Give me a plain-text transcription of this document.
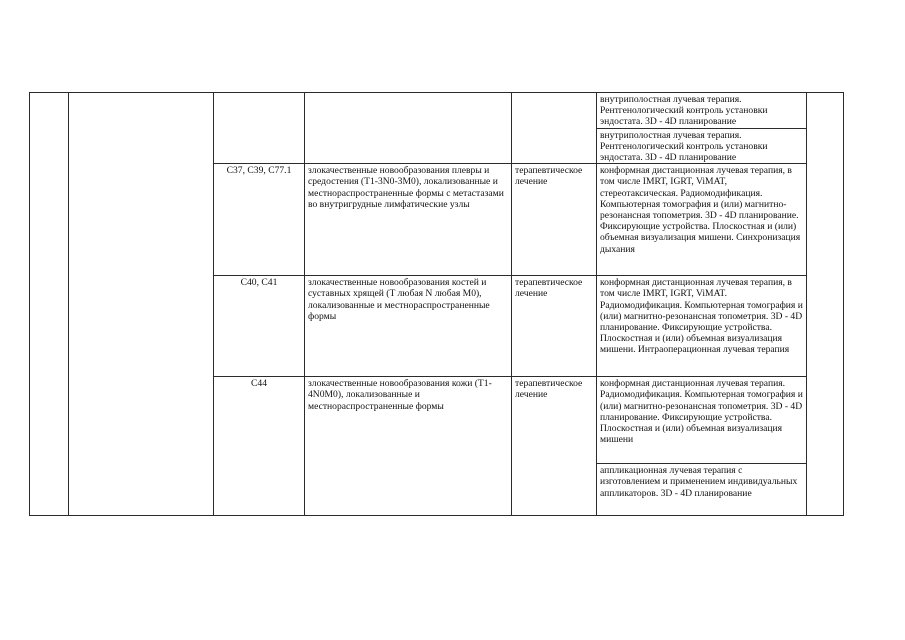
					внутриполостная лучевая терапия. Рентгенологический контроль установки эндостата. 3D - 4D планирование	

					внутриполостная лучевая терапия. Рентгенологический контроль установки эндостата. 3D - 4D планирование	

		C37, C39, C77.1	злокачественные новообразования плевры и средостения (T1-3N0-3M0), локализованные и местнораспространенные формы с метастазами во внутригрудные лимфатические узлы	терапевтическое лечение	конформная дистанционная лучевая терапия, в том числе IMRT, IGRT, ViMAT, стереотаксическая. Радиомодификация. Компьютерная томография и (или) магнитно-резонансная топометрия. 3D - 4D планирование. Фиксирующие устройства. Плоскостная и (или) объемная визуализация мишени. Синхронизация дыхания	

		C40, C41	злокачественные новообразования костей и суставных хрящей (T любая N любая M0), локализованные и местнораспространенные формы	терапевтическое лечение	конформная дистанционная лучевая терапия, в том числе IMRT, IGRT, ViMAT. Радиомодификация. Компьютерная томография и (или) магнитно-резонансная топометрия. 3D - 4D планирование. Фиксирующие устройства. Плоскостная и (или) объемная визуализация мишени. Интраоперационная лучевая терапия	

		C44	злокачественные новообразования кожи (T1-4N0M0), локализованные и местнораспространенные формы	терапевтическое лечение	конформная дистанционная лучевая терапия. Радиомодификация. Компьютерная томография и (или) магнитно-резонансная топометрия. 3D - 4D планирование. Фиксирующие устройства. Плоскостная и (или) объемная визуализация мишени	

					аппликационная лучевая терапия с изготовлением и применением индивидуальных аппликаторов. 3D - 4D планирование	
